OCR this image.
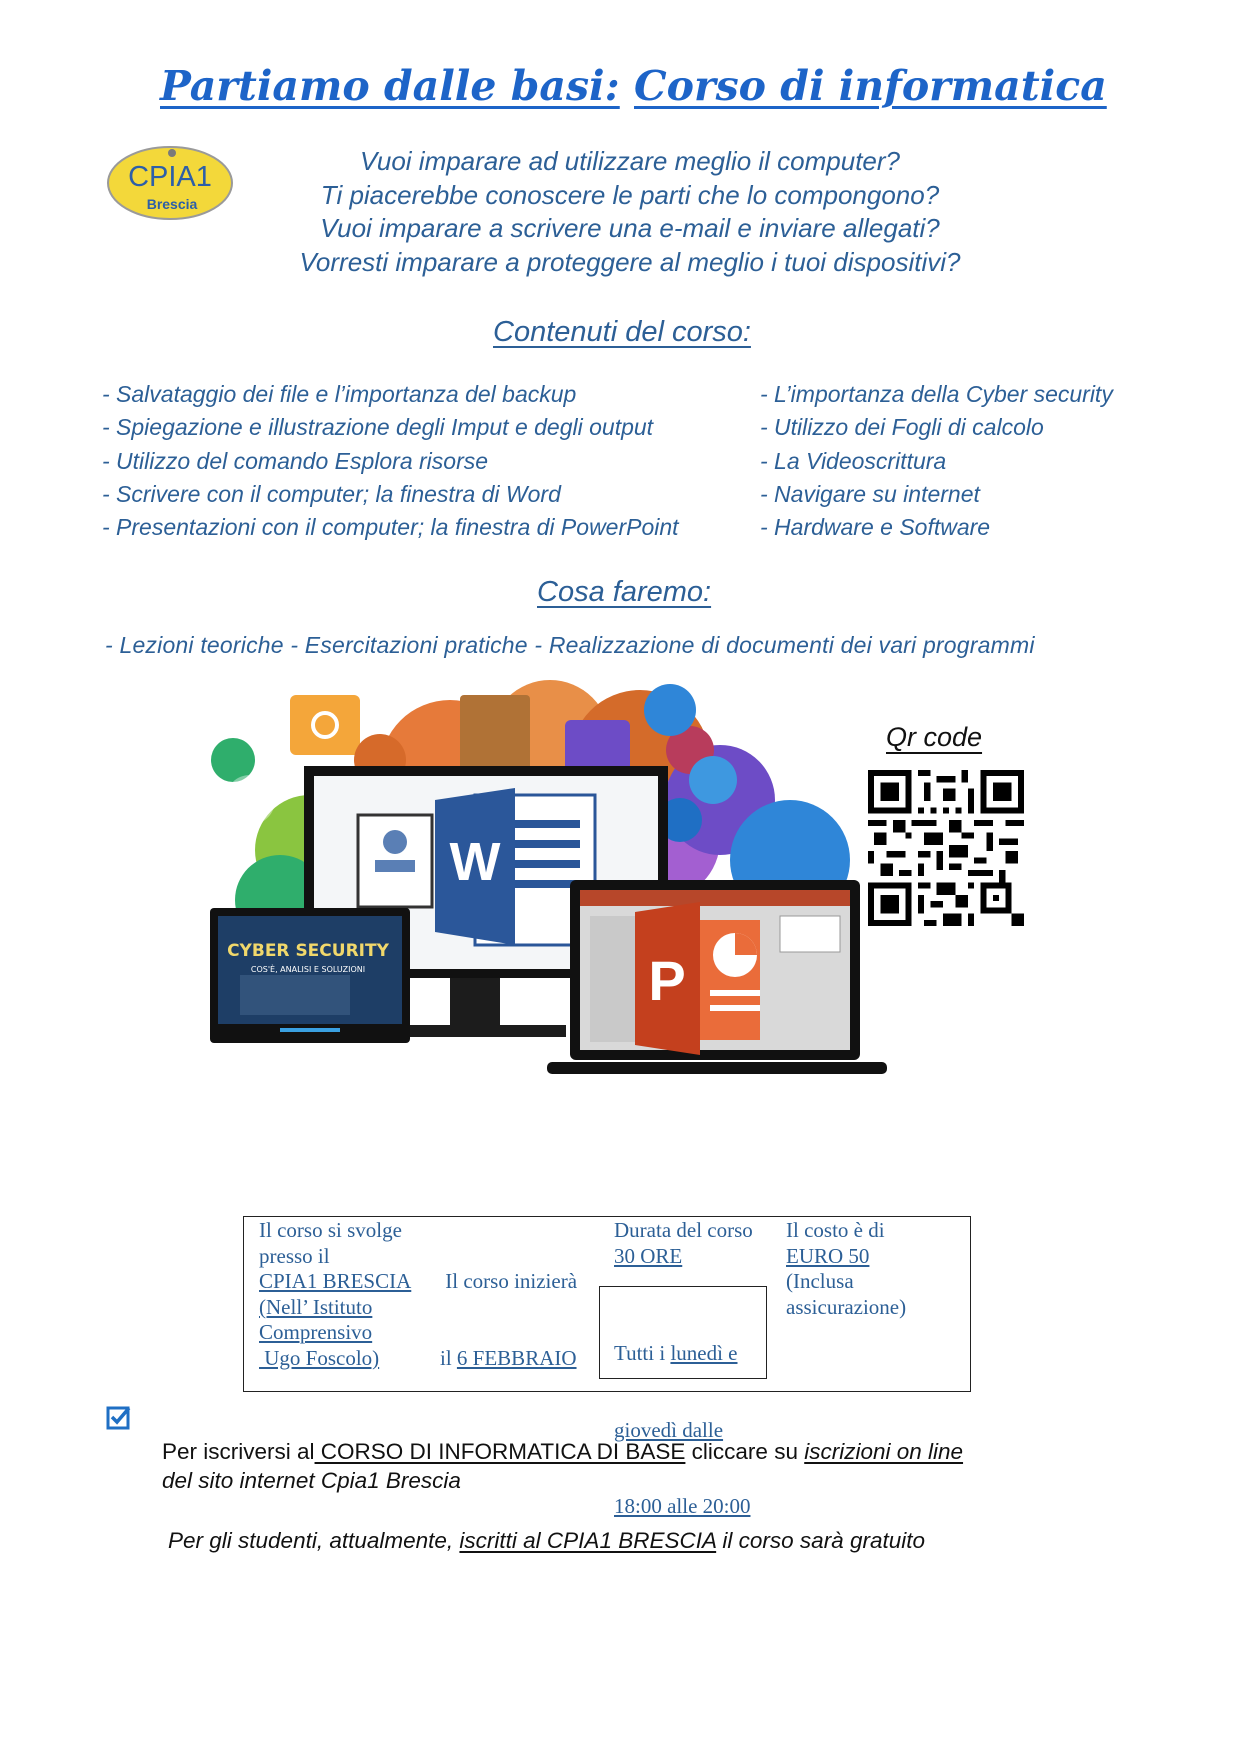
Partiamo dalle basi: Corso di informatica
CPIA1
Brescia
Vuoi imparare ad utilizzare meglio il computer?
Ti piacerebbe conoscere le parti che lo compongono?
Vuoi imparare a scrivere una e-mail e inviare allegati?
Vorresti imparare a proteggere al meglio i tuoi dispositivi?
Contenuti del corso:
- Salvataggio dei file e l’importanza del backup
- Spiegazione e illustrazione degli Imput e degli output
- Utilizzo del comando Esplora risorse
- Scrivere con il computer; la finestra di Word
- Presentazioni con il computer; la finestra di PowerPoint
- L’importanza della Cyber security
- Utilizzo dei Fogli di calcolo
- La Videoscrittura
- Navigare su internet
- Hardware e Software
Cosa faremo:
- Lezioni teoriche - Esercitazioni pratiche - Realizzazione di documenti dei vari programmi
Qr code
W
CYBER SECURITY
COS'È, ANALISI E SOLUZIONI	P
Il corso si svolge
presso il
CPIA1 BRESCIA
(Nell’ Istituto
Comprensivo
Ugo Foscolo)

Il corso inizierà

il 6 FEBBRAIO

Durata del corso
30 ORE

Tutti i lunedì e

giovedì dalle

18:00 alle 20:00

Il costo è di
EURO 50
(Inclusa
assicurazione)
Per iscriversi al CORSO DI INFORMATICA DI BASE cliccare su iscrizioni on line
del sito internet Cpia1 Brescia
Per gli studenti, attualmente, iscritti al CPIA1 BRESCIA il corso sarà gratuito
